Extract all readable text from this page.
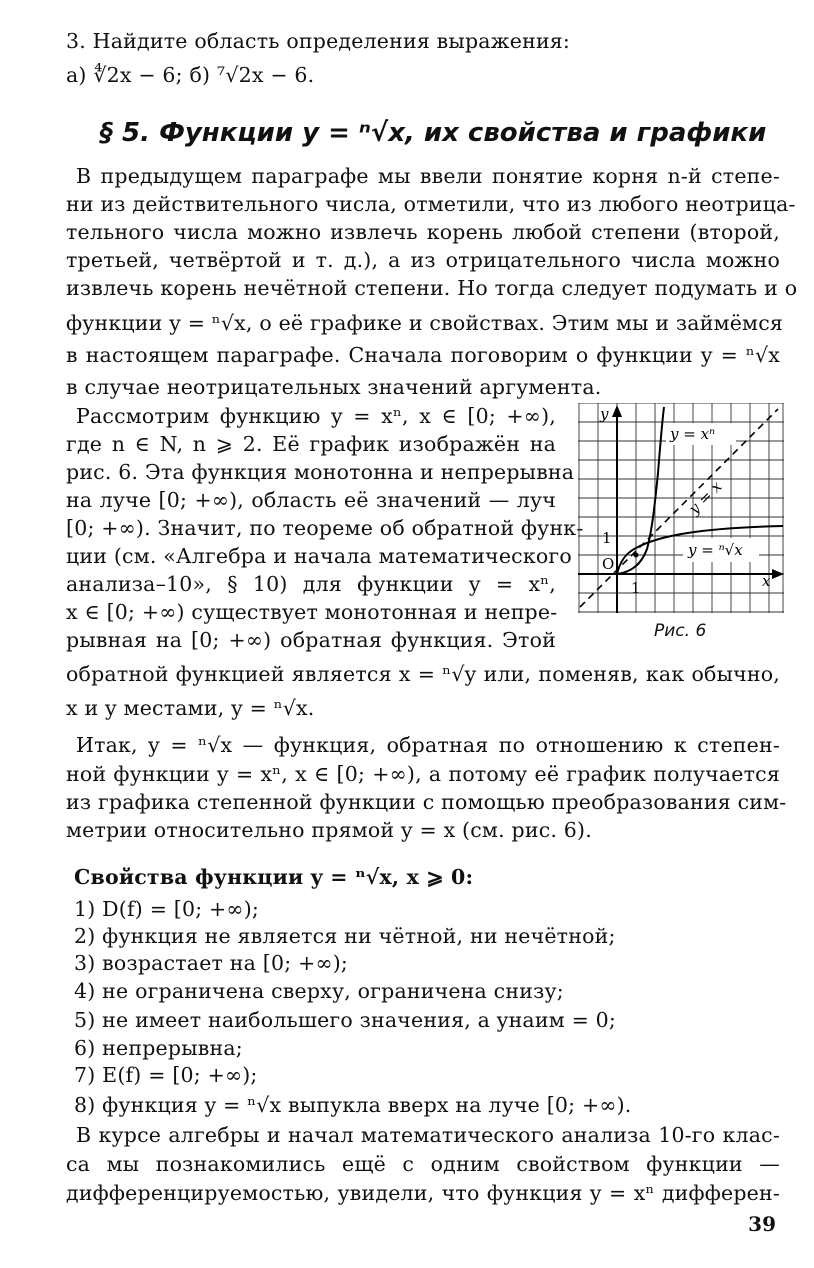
3. Найдите область определения выражения:
а) ∜2x − 6; б) ⁷√2x − 6.
§ 5. Функции y = ⁿ√x, их свойства и графики
В предыдущем параграфе мы ввели понятие корня n-й степе-
ни из действительного числа, отметили, что из любого неотрица-
тельного числа можно извлечь корень любой степени (второй,
третьей, четвёртой и т. д.), а из отрицательного числа можно
извлечь корень нечётной степени. Но тогда следует подумать и о
функции y = ⁿ√x, о её графике и свойствах. Этим мы и займёмся
в настоящем параграфе. Сначала поговорим о функции y = ⁿ√x
в случае неотрицательных значений аргумента.
Рассмотрим функцию y = xⁿ, x ∈ [0; +∞),
где n ∈ N, n ⩾ 2. Её график изображён на
рис. 6. Эта функция монотонна и непрерывна
на луче [0; +∞), область её значений — луч
[0; +∞). Значит, по теореме об обратной функ-
ции (см. «Алгебра и начала математического
анализа–10», § 10) для функции y = xⁿ,
x ∈ [0; +∞) существует монотонная и непре-
рывная на [0; +∞) обратная функция. Этой
обратной функцией является x = ⁿ√y или, поменяв, как обычно,
x и y местами, y = ⁿ√x.
Итак, y = ⁿ√x — функция, обратная по отношению к степен-
ной функции y = xⁿ, x ∈ [0; +∞), а потому её график получается
из графика степенной функции с помощью преобразования сим-
метрии относительно прямой y = x (см. рис. 6).
Свойства функции y = ⁿ√x, x ⩾ 0:
1) D(f) = [0; +∞);
2) функция не является ни чётной, ни нечётной;
3) возрастает на [0; +∞);
4) не ограничена сверху, ограничена снизу;
5) не имеет наибольшего значения, а yнаим = 0;
6) непрерывна;
7) E(f) = [0; +∞);
8) функция y = ⁿ√x выпукла вверх на луче [0; +∞).
В курсе алгебры и начал математического анализа 10-го клас-
са мы познакомились ещё с одним свойством функции —
дифференцируемостью, увидели, что функция y = xⁿ дифферен-
y
x
O
1
1
y = xⁿ
y = ⁿ√x
y = x
Рис. 6
39
